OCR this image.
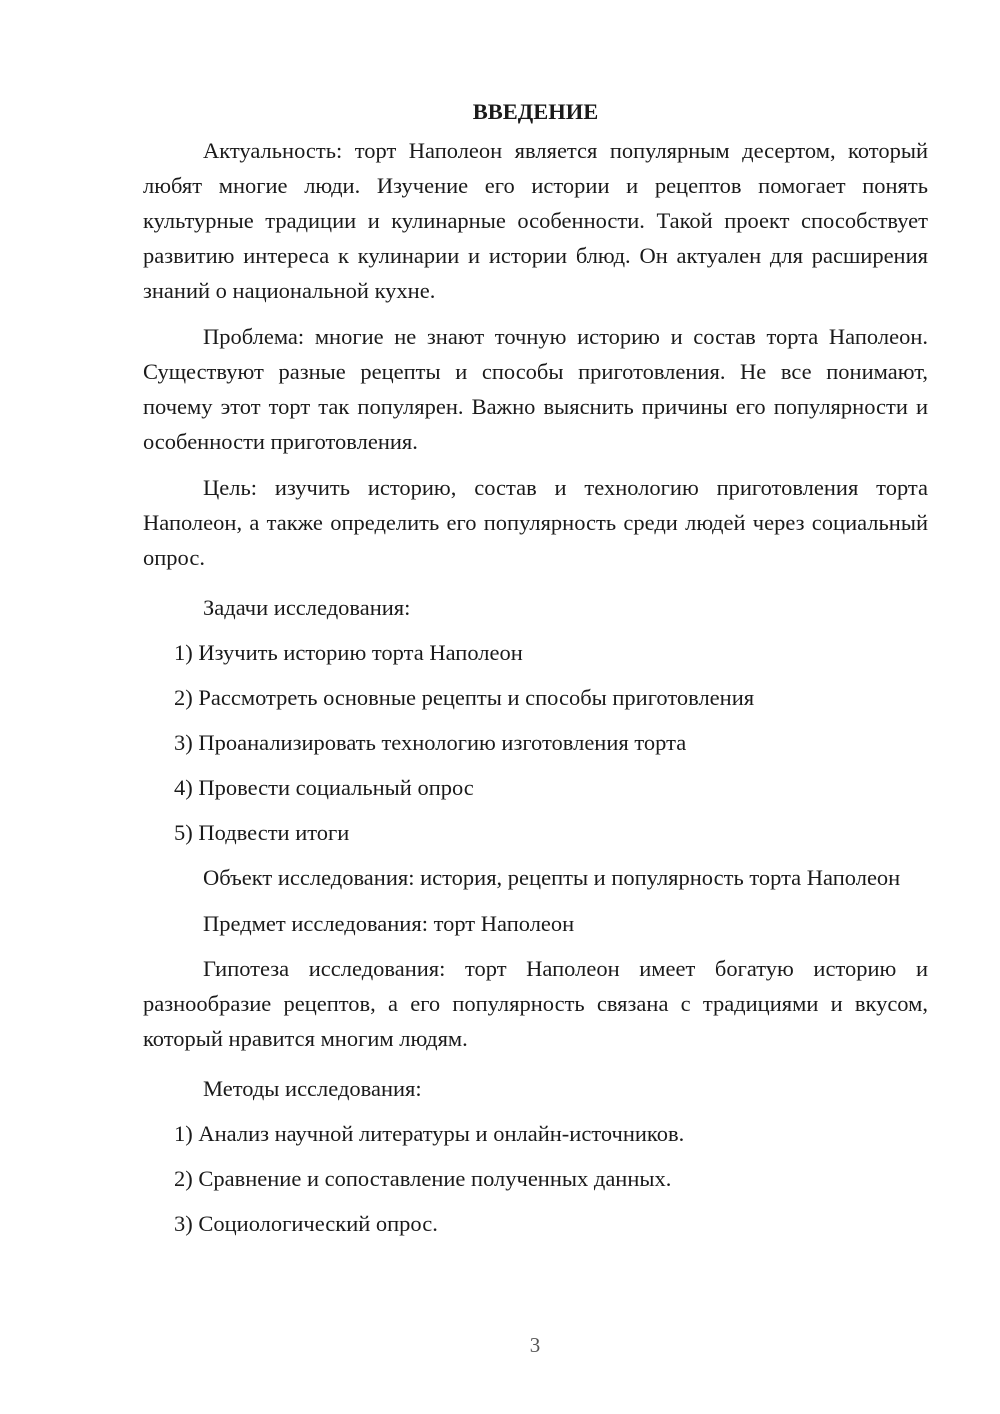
ВВЕДЕНИЕ

Актуальность: торт Наполеон является популярным десертом, который любят многие люди. Изучение его истории и рецептов помогает понять культурные традиции и кулинарные особенности. Такой проект способствует развитию интереса к кулинарии и истории блюд. Он актуален для расширения знаний о национальной кухне.

Проблема: многие не знают точную историю и состав торта Наполеон. Существуют разные рецепты и способы приготовления. Не все понимают, почему этот торт так популярен. Важно выяснить причины его популярности и особенности приготовления.

Цель: изучить историю, состав и технологию приготовления торта Наполеон, а также определить его популярность среди людей через социальный опрос.

Задачи исследования:

1) Изучить историю торта Наполеон

2) Рассмотреть основные рецепты и способы приготовления

3) Проанализировать технологию изготовления торта

4) Провести социальный опрос

5) Подвести итоги

Объект исследования: история, рецепты и популярность торта Наполеон

Предмет исследования: торт Наполеон

Гипотеза исследования: торт Наполеон имеет богатую историю и разнообразие рецептов, а его популярность связана с традициями и вкусом, который нравится многим людям.

Методы исследования:

1) Анализ научной литературы и онлайн-источников.

2) Сравнение и сопоставление полученных данных.

3) Социологический опрос.

3
